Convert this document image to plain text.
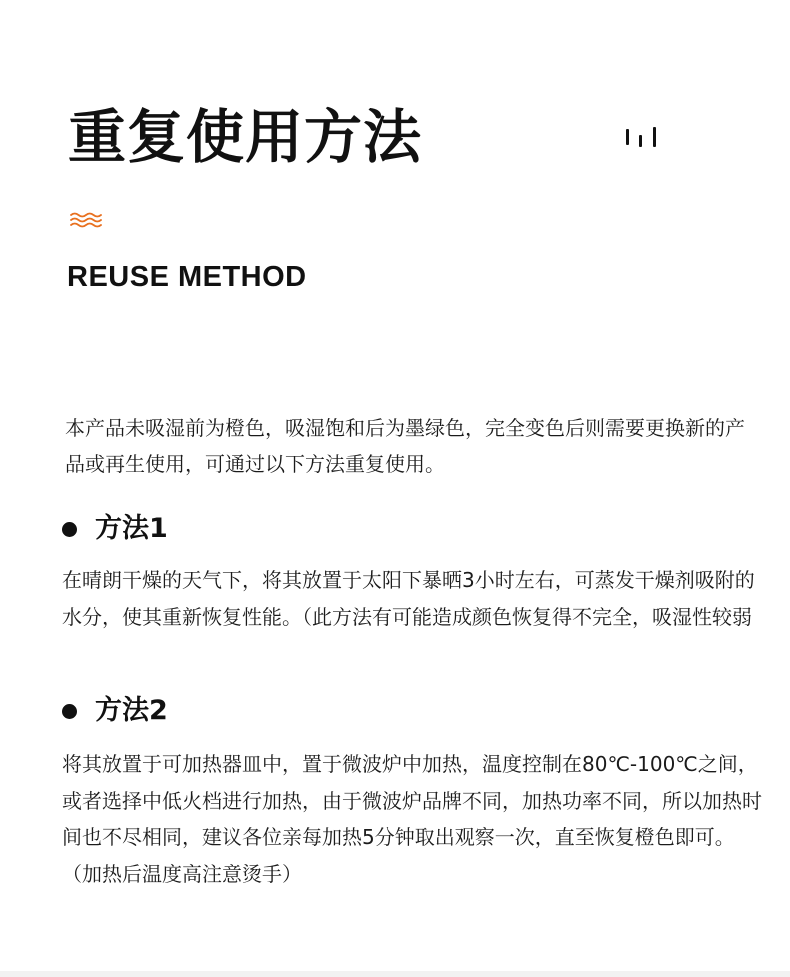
重复使用方法
REUSE METHOD

本产品未吸湿前为橙色，吸湿饱和后为墨绿色，完全变色后则需要更换新的产品或再生使用，可通过以下方法重复使用。

方法1

在晴朗干燥的天气下，将其放置于太阳下暴晒3小时左右，可蒸发干燥剂吸附的水分，使其重新恢复性能。（此方法有可能造成颜色恢复得不完全，吸湿性较弱

方法2

将其放置于可加热器皿中，置于微波炉中加热，温度控制在80℃-100℃之间，或者选择中低火档进行加热，由于微波炉品牌不同，加热功率不同，所以加热时间也不尽相同，建议各位亲每加热5分钟取出观察一次，直至恢复橙色即可。（加热后温度高注意烫手）
